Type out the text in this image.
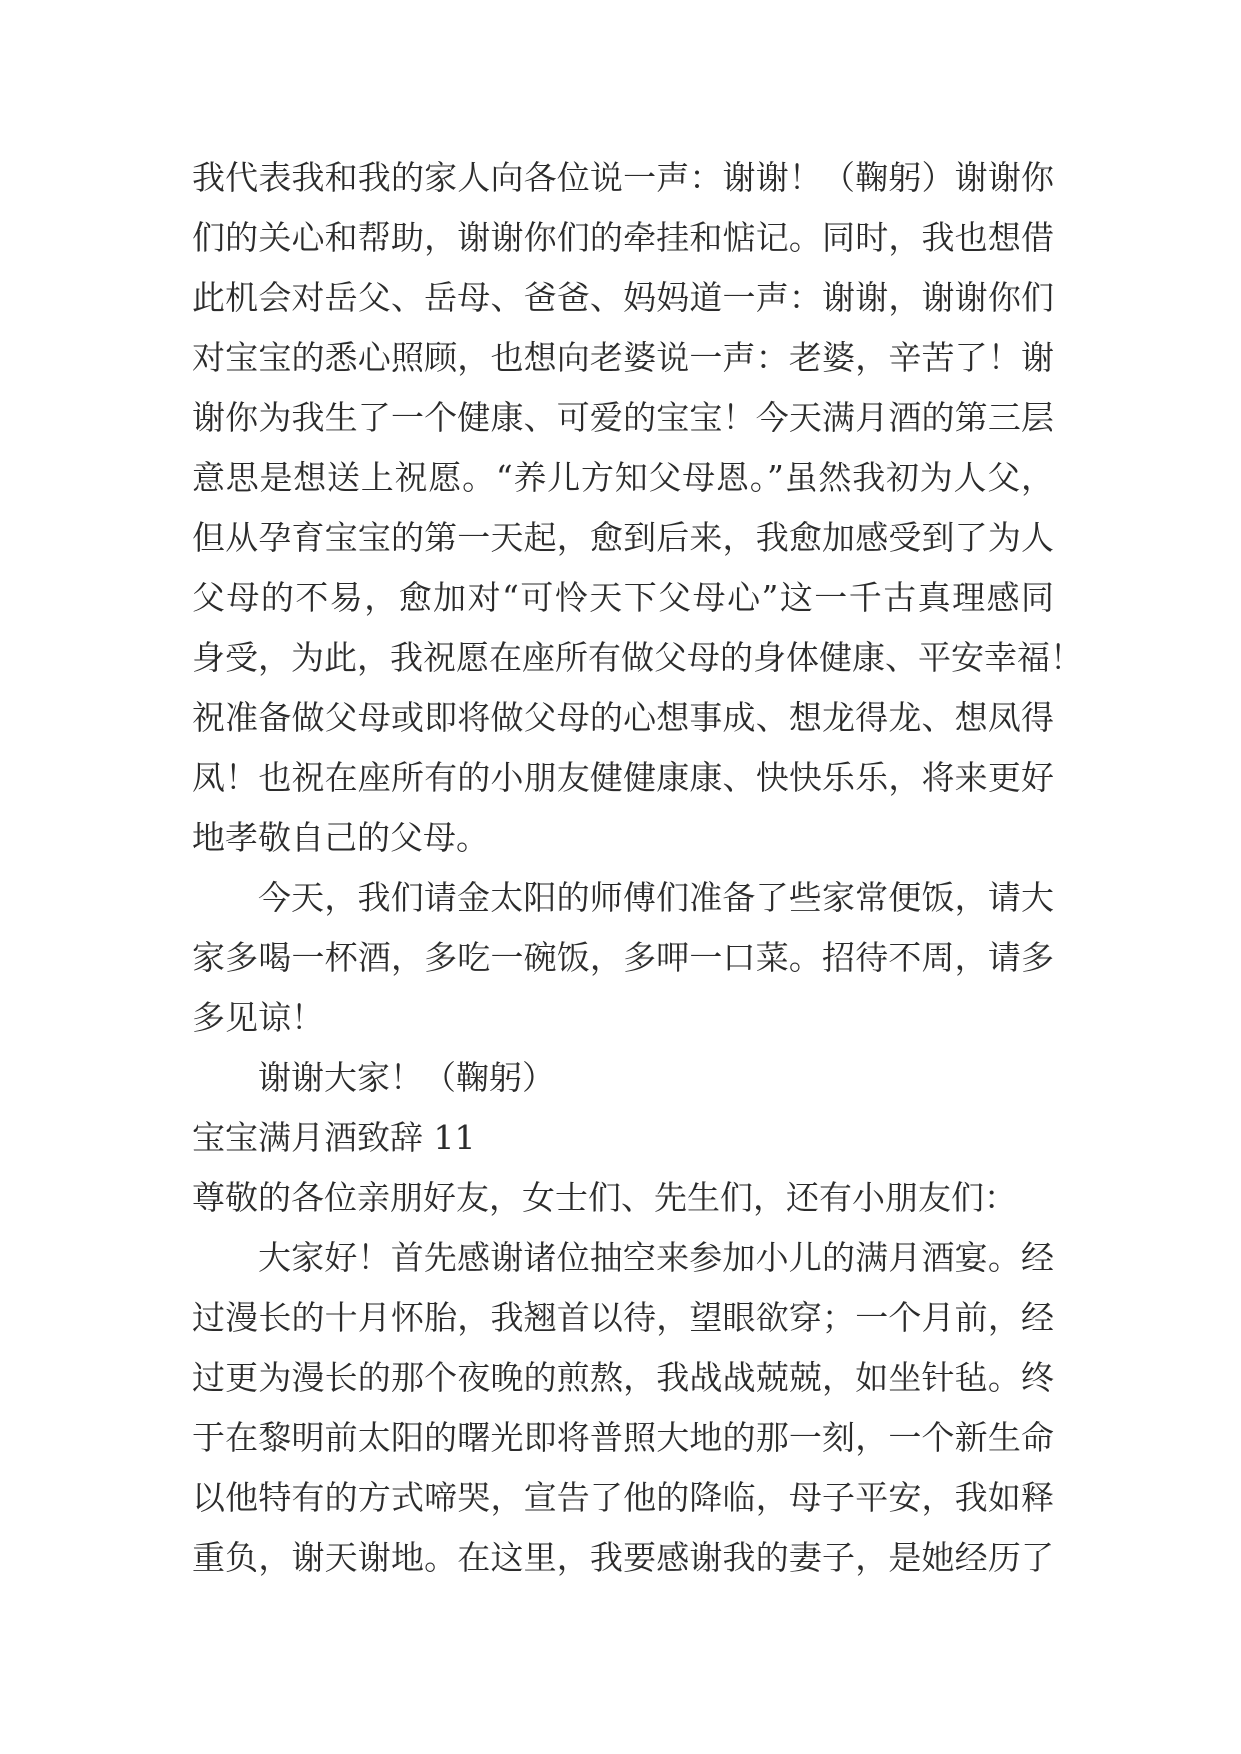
我代表我和我的家人向各位说一声：谢谢！（鞠躬）谢谢你
们的关心和帮助，谢谢你们的牵挂和惦记。同时，我也想借
此机会对岳父、岳母、爸爸、妈妈道一声：谢谢，谢谢你们
对宝宝的悉心照顾，也想向老婆说一声：老婆，辛苦了！谢
谢你为我生了一个健康、可爱的宝宝！今天满月酒的第三层
意思是想送上祝愿。“养儿方知父母恩。”虽然我初为人父，
但从孕育宝宝的第一天起，愈到后来，我愈加感受到了为人
父母的不易，愈加对“可怜天下父母心”这一千古真理感同
身受，为此，我祝愿在座所有做父母的身体健康、平安幸福！
祝准备做父母或即将做父母的心想事成、想龙得龙、想凤得
凤！也祝在座所有的小朋友健健康康、快快乐乐，将来更好
地孝敬自己的父母。
今天，我们请金太阳的师傅们准备了些家常便饭，请大
家多喝一杯酒，多吃一碗饭，多呷一口菜。招待不周，请多
多见谅！
谢谢大家！（鞠躬）
宝宝满月酒致辞 11
尊敬的各位亲朋好友，女士们、先生们，还有小朋友们：
大家好！首先感谢诸位抽空来参加小儿的满月酒宴。经
过漫长的十月怀胎，我翘首以待，望眼欲穿；一个月前，经
过更为漫长的那个夜晚的煎熬，我战战兢兢，如坐针毡。终
于在黎明前太阳的曙光即将普照大地的那一刻，一个新生命
以他特有的方式啼哭，宣告了他的降临，母子平安，我如释
重负，谢天谢地。在这里，我要感谢我的妻子，是她经历了
